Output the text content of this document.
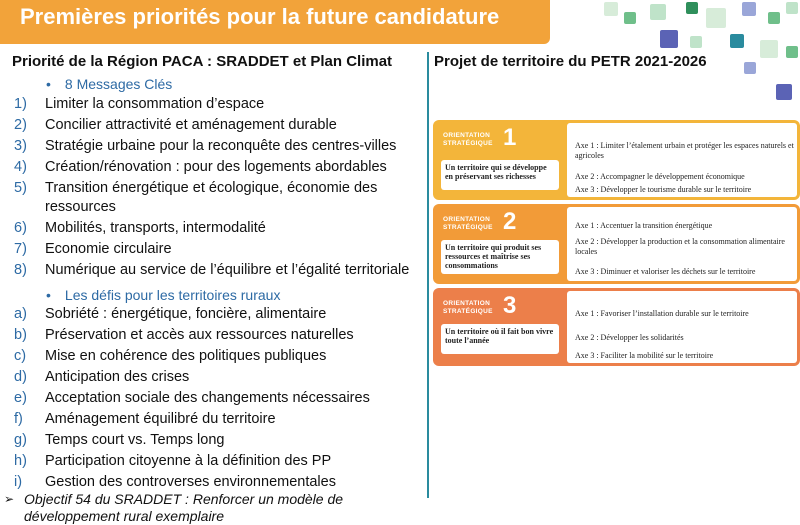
Premières priorités pour la future candidature
Priorité de la Région PACA : SRADDET et Plan Climat
• 8 Messages Clés
1) Limiter la consommation d’espace
2) Concilier attractivité et aménagement durable
3) Stratégie urbaine pour la reconquête des centres-villes
4) Création/rénovation : pour des logements abordables
5) Transition énergétique et écologique, économie des ressources
6) Mobilités, transports, intermodalité
7) Economie circulaire
8) Numérique au service de l’équilibre et l’égalité territoriale
• Les défis pour les territoires ruraux
a) Sobriété : énergétique, foncière, alimentaire
b) Préservation et accès aux ressources naturelles
c) Mise en cohérence des politiques publiques
d) Anticipation des crises
e) Acceptation sociale des changements nécessaires
f) Aménagement équilibré du territoire
g) Temps court vs. Temps long
h) Participation citoyenne à la définition des PP
i) Gestion des controverses environnementales
➢ Objectif 54 du SRADDET : Renforcer un modèle de développement rural exemplaire
Projet de territoire du PETR 2021-2026
ORIENTATION
STRATÉGIQUE 1
Un territoire qui se développe en préservant ses richesses
Axe 1 : Limiter l’étalement urbain et protéger les espaces naturels et agricoles
Axe 2 : Accompagner le développement économique
Axe 3 : Développer le tourisme durable sur le territoire
ORIENTATION
STRATÉGIQUE 2
Un territoire qui produit ses ressources et maîtrise ses consommations
Axe 1 : Accentuer la transition énergétique
Axe 2 : Développer la production et la consommation alimentaire locales
Axe 3 : Diminuer et valoriser les déchets sur le territoire
ORIENTATION
STRATÉGIQUE 3
Un territoire où il fait bon vivre toute l’année
Axe 1 : Favoriser l’installation durable sur le territoire
Axe 2 : Développer les solidarités
Axe 3 : Faciliter la mobilité sur le territoire
